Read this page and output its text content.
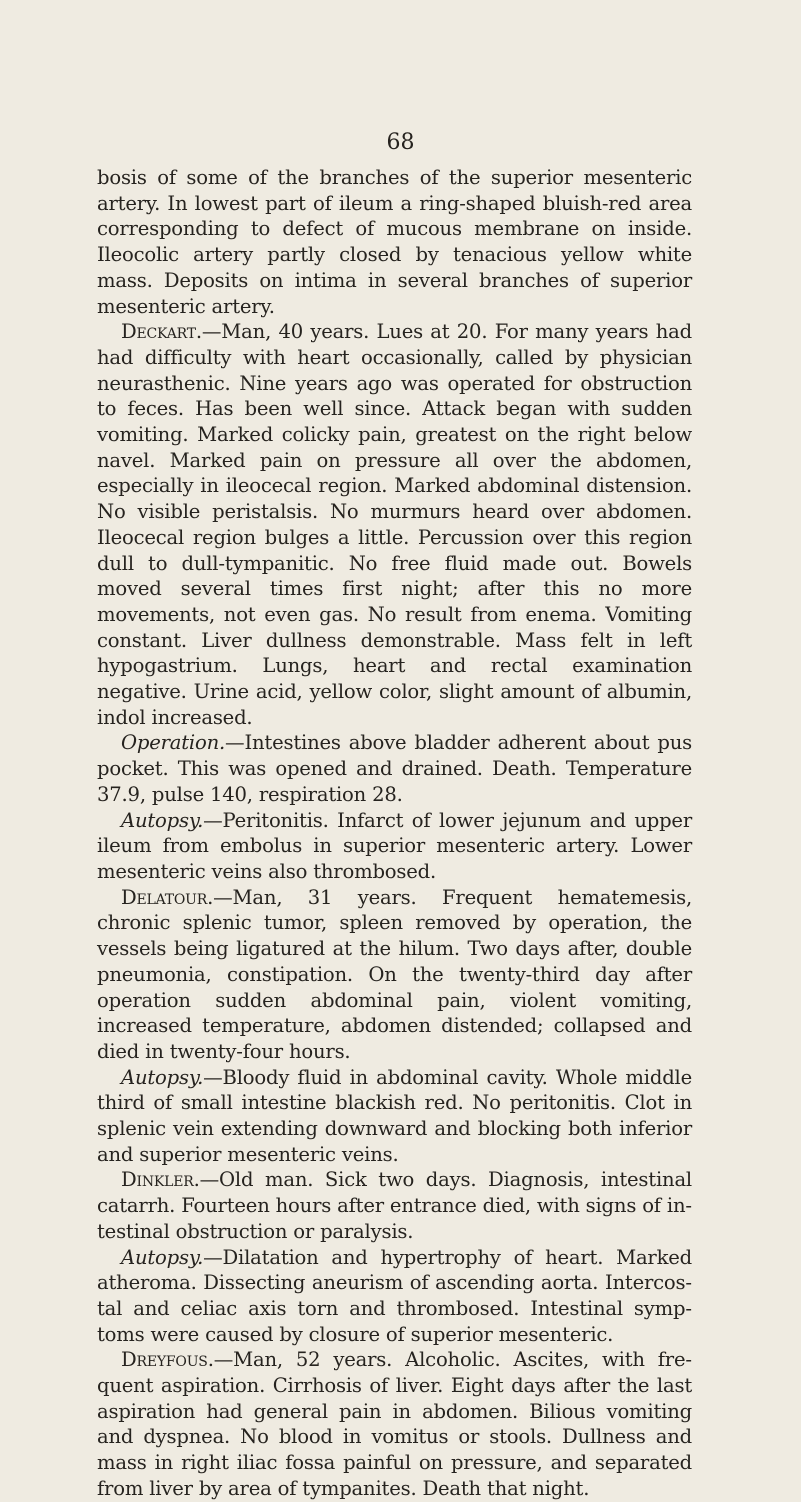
68

bosis of some of the branches of the superior mesenteric artery. In lowest part of ileum a ring-shaped bluish-red area corresponding to defect of mucous membrane on inside. Ileocolic artery partly closed by tenacious yellow white mass. Deposits on intima in several branches of superior mesenteric artery.

Deckart.—Man, 40 years. Lues at 20. For many years had had difficulty with heart occasionally, called by physician neurasthenic. Nine years ago was operated for obstruction to feces. Has been well since. Attack began with sudden vomiting. Marked colicky pain, greatest on the right below navel. Marked pain on pressure all over the abdomen, especially in ileocecal region. Marked abdominal distension. No visible peristalsis. No murmurs heard over abdomen. Ileocecal region bulges a little. Percussion over this region dull to dull-tympanitic. No free fluid made out. Bowels moved several times first night; after this no more movements, not even gas. No result from enema. Vomiting constant. Liver dullness demonstrable. Mass felt in left hypogastrium. Lungs, heart and rectal examination negative. Urine acid, yellow color, slight amount of albumin, indol increased.

Operation.—Intestines above bladder adherent about pus pocket. This was opened and drained. Death. Temperature 37.9, pulse 140, respiration 28.

Autopsy.—Peritonitis. Infarct of lower jejunum and upper ileum from embolus in superior mesenteric artery. Lower mesenteric veins also thrombosed.

Delatour.—Man, 31 years. Frequent hematemesis, chronic splenic tumor, spleen removed by operation, the vessels being ligatured at the hilum. Two days after, double pneumonia, constipation. On the twenty-third day after operation sudden abdominal pain, violent vomiting, increased temperature, abdomen distended; collapsed and died in twenty-four hours.

Autopsy.—Bloody fluid in abdominal cavity. Whole middle third of small intestine blackish red. No peritonitis. Clot in splenic vein extending downward and blocking both inferior and superior mesenteric veins.

Dinkler.—Old man. Sick two days. Diagnosis, intestinal catarrh. Fourteen hours after entrance died, with signs of intestinal obstruction or paralysis.

Autopsy.—Dilatation and hypertrophy of heart. Marked atheroma. Dissecting aneurism of ascending aorta. Intercostal and celiac axis torn and thrombosed. Intestinal symptoms were caused by closure of superior mesenteric.

Dreyfous.—Man, 52 years. Alcoholic. Ascites, with frequent aspiration. Cirrhosis of liver. Eight days after the last aspiration had general pain in abdomen. Bilious vomiting and dyspnea. No blood in vomitus or stools. Dullness and mass in right iliac fossa painful on pressure, and separated from liver by area of tympanites. Death that night.
